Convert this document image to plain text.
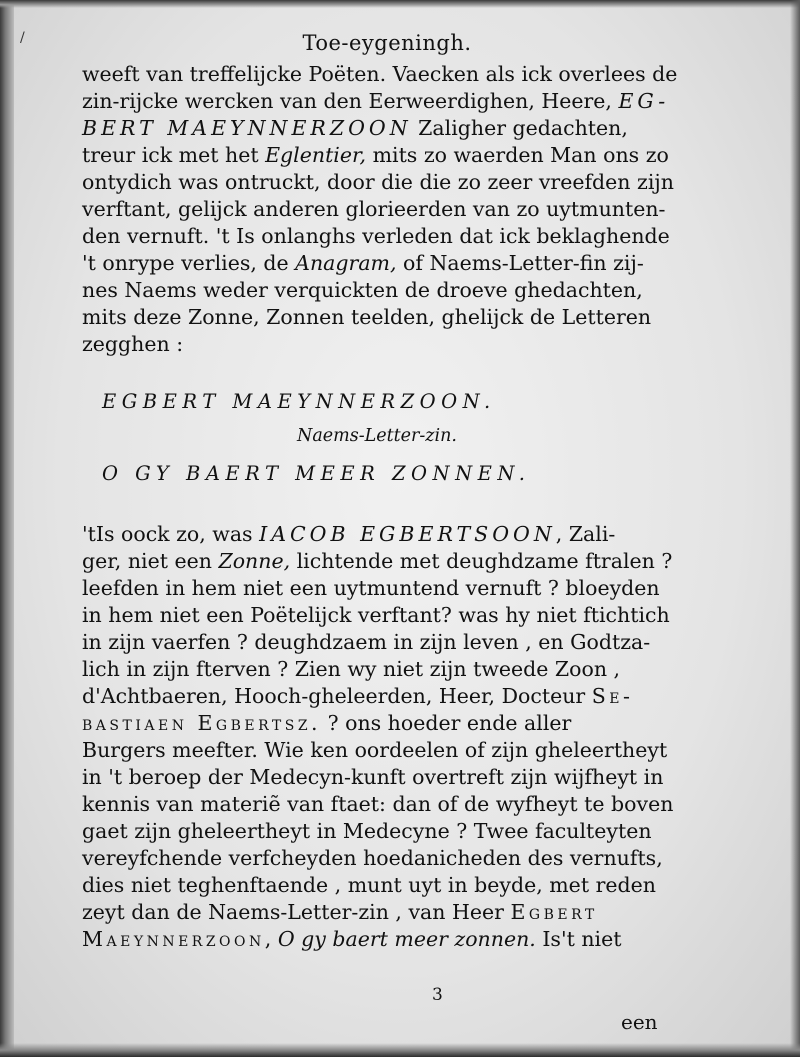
/	Toe-eygeningh.
weeft van treffelijcke Poëten. Vaecken als ick overlees de
zin-rijcke wercken van den Eerweerdighen, Heere, EG-
BERT MAEYNNERZOON Zaligher gedachten,
treur ick met het Eglentier, mits zo waerden Man ons zo
ontydich was ontruckt, door die die zo zeer vreefden zijn
verftant, gelijck anderen glorieerden van zo uytmunten-
den vernuft. 't Is onlanghs verleden dat ick beklaghende
't onrype verlies, de Anagram, of Naems-Letter-fin zij-
nes Naems weder verquickten de droeve ghedachten,
mits deze Zonne, Zonnen teelden, ghelijck de Letteren
zegghen :
EGBERT MAEYNNERZOON.
Naems-Letter-zin.
O GY BAERT MEER ZONNEN.
'tIs oock zo, was IACOB EGBERTSOON, Zali-
ger, niet een Zonne, lichtende met deughdzame ftralen ?
leefden in hem niet een uytmuntend vernuft ? bloeyden
in hem niet een Poëtelijck verftant? was hy niet ftichtich
in zijn vaerfen ? deughdzaem in zijn leven , en Godtza-
lich in zijn fterven ? Zien wy niet zijn tweede Zoon ,
d'Achtbaeren, Hooch-gheleerden, Heer, Doctеur Se-
bastiaen Egbertsz. ? ons hoeder ende aller
Burgers meefter. Wie ken oordeelen of zijn gheleertheyt
in 't beroep der Medecyn-kunft overtreft zijn wijfheyt in
kennis van materiẽ van ftaet: dan of de wyfheyt te boven
gaet zijn gheleertheyt in Medecyne ? Twee faculteyten
vereyfchende verfcheyden hoedanicheden des vernufts,
dies niet teghenftaende , munt uyt in beyde, met reden
zeyt dan de Naems-Letter-zin , van Heer Egbert
Maeynnerzoon, O gy baert meer zonnen. Is't niet
3
een
